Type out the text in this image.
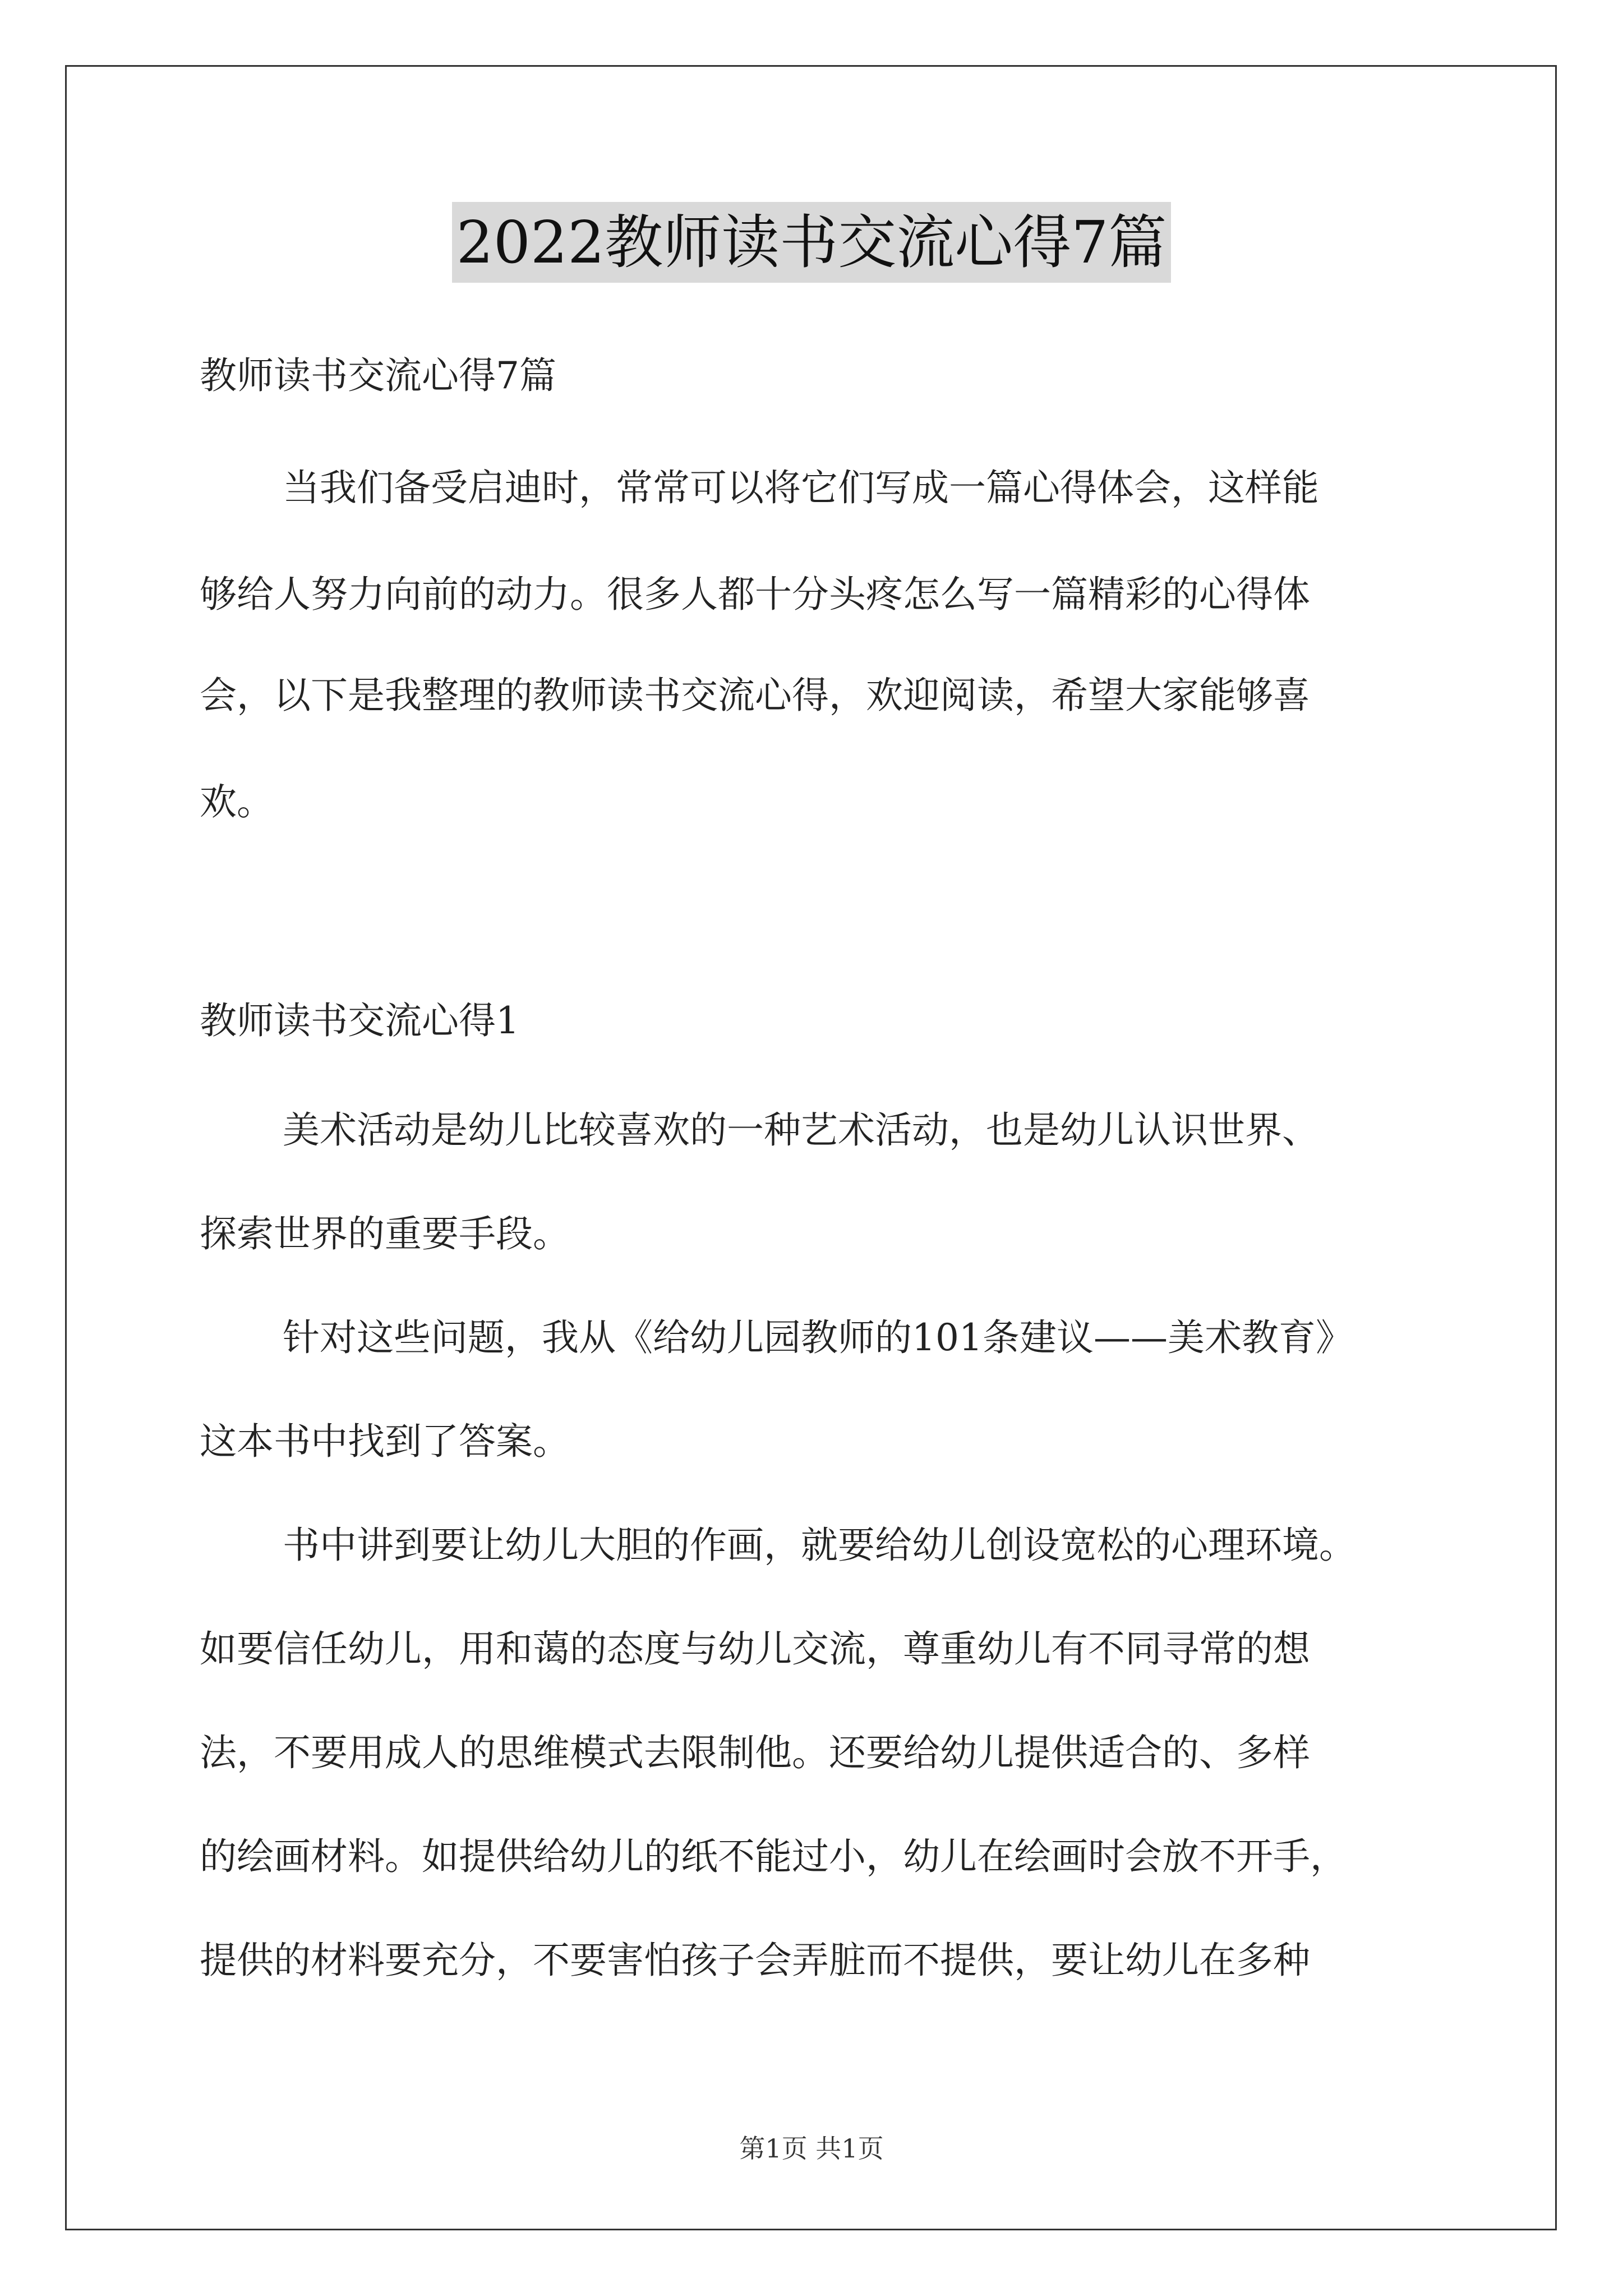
2022教师读书交流心得7篇
教师读书交流心得7篇
当我们备受启迪时，常常可以将它们写成一篇心得体会，这样能
够给人努力向前的动力。很多人都十分头疼怎么写一篇精彩的心得体
会，以下是我整理的教师读书交流心得，欢迎阅读，希望大家能够喜
欢。
教师读书交流心得1
美术活动是幼儿比较喜欢的一种艺术活动，也是幼儿认识世界、
探索世界的重要手段。
针对这些问题，我从《给幼儿园教师的101条建议——美术教育》
这本书中找到了答案。
书中讲到要让幼儿大胆的作画，就要给幼儿创设宽松的心理环境。
如要信任幼儿，用和蔼的态度与幼儿交流，尊重幼儿有不同寻常的想
法，不要用成人的思维模式去限制他。还要给幼儿提供适合的、多样
的绘画材料。如提供给幼儿的纸不能过小，幼儿在绘画时会放不开手，
提供的材料要充分，不要害怕孩子会弄脏而不提供，要让幼儿在多种
第1页 共1页
